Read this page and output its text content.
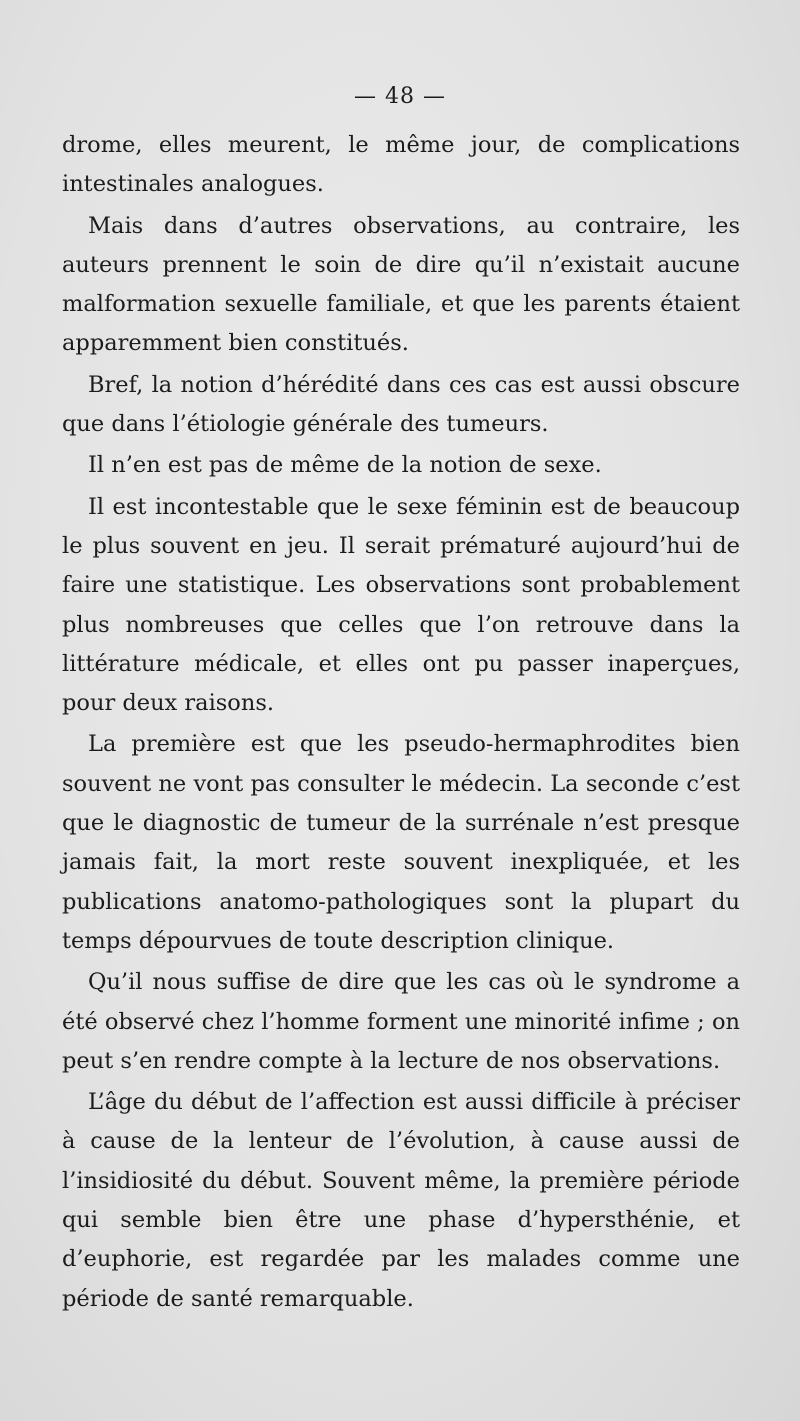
— 48 —

drome, elles meurent, le même jour, de complications intestinales analogues.

Mais dans d’autres observations, au contraire, les auteurs prennent le soin de dire qu’il n’existait aucune malformation sexuelle familiale, et que les parents étaient apparemment bien constitués.

Bref, la notion d’hérédité dans ces cas est aussi obscure que dans l’étiologie générale des tumeurs.

Il n’en est pas de même de la notion de sexe.

Il est incontestable que le sexe féminin est de beaucoup le plus souvent en jeu. Il serait prématuré aujourd’hui de faire une statistique. Les observations sont probablement plus nombreuses que celles que l’on retrouve dans la littérature médicale, et elles ont pu passer inaperçues, pour deux raisons.

La première est que les pseudo-hermaphrodites bien souvent ne vont pas consulter le médecin. La seconde c’est que le diagnostic de tumeur de la surrénale n’est presque jamais fait, la mort reste souvent inexpliquée, et les publications anatomo-pathologiques sont la plupart du temps dépourvues de toute description clinique.

Qu’il nous suffise de dire que les cas où le syndrome a été observé chez l’homme forment une minorité infime ; on peut s’en rendre compte à la lecture de nos observations.

L’âge du début de l’affection est aussi difficile à préciser à cause de la lenteur de l’évolution, à cause aussi de l’insidiosité du début. Souvent même, la première période qui semble bien être une phase d’hypersthénie, et d’euphorie, est regardée par les malades comme une période de santé remarquable.
